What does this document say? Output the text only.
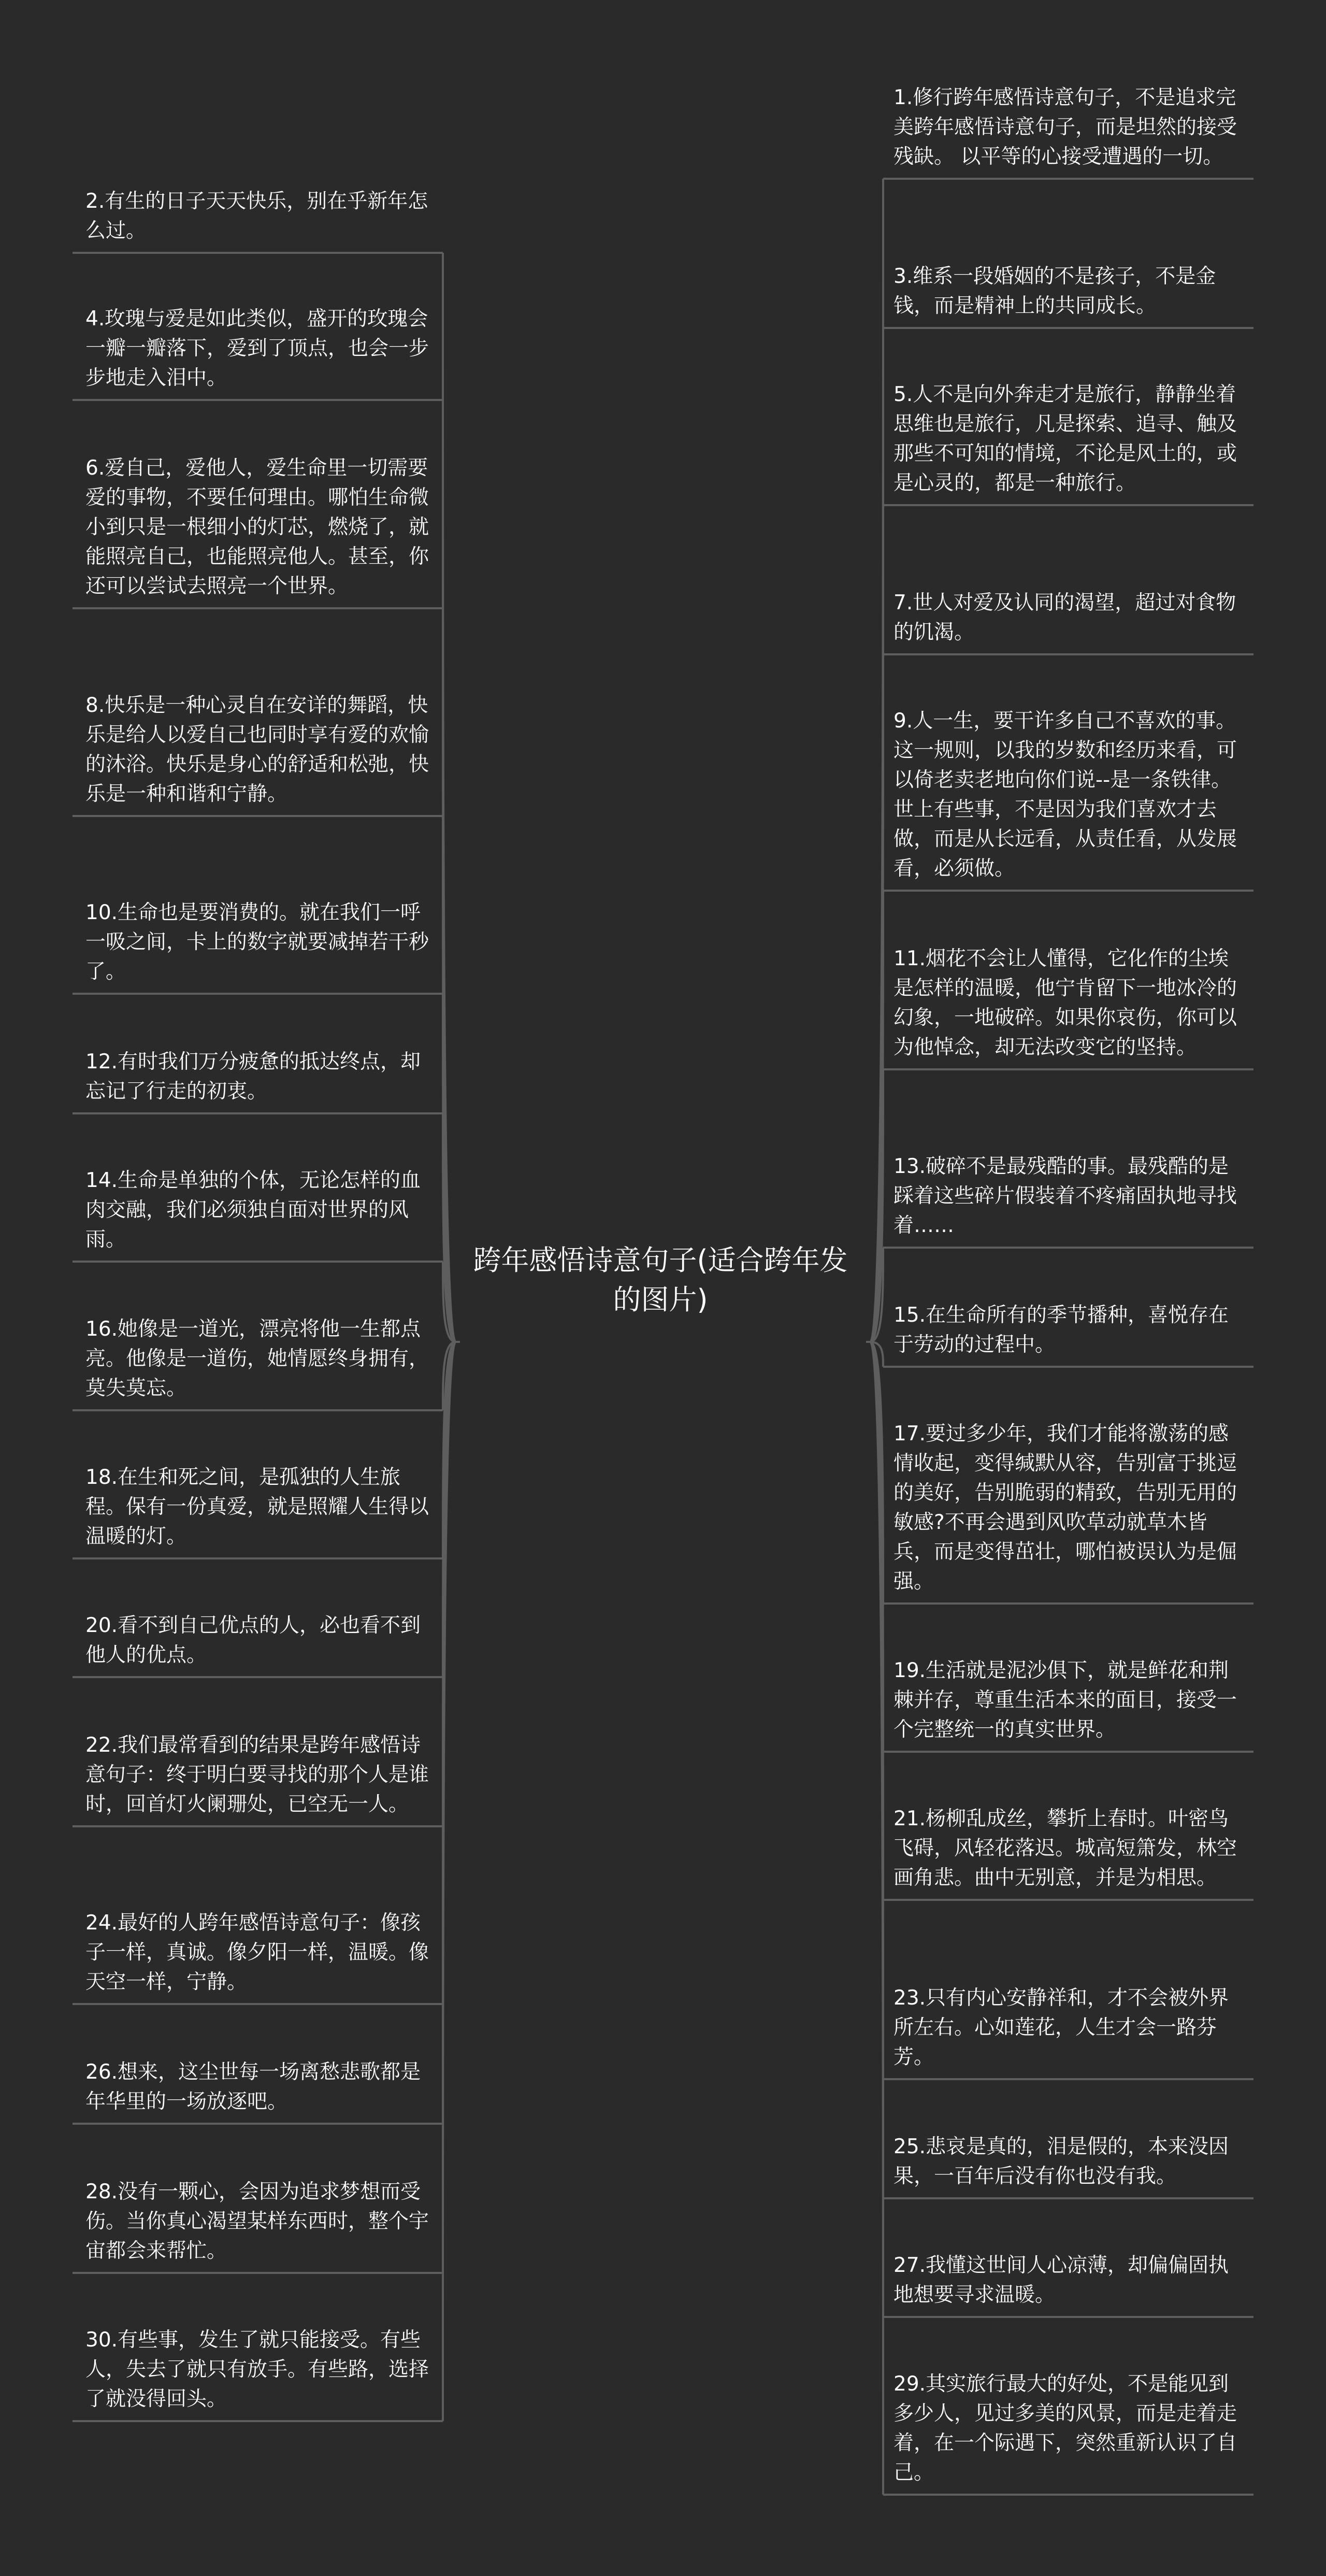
跨年感悟诗意句子(适合跨年发的图片)
2.有生的日子天天快乐，别在乎新年怎么过。
4.玫瑰与爱是如此类似，盛开的玫瑰会一瓣一瓣落下，爱到了顶点，也会一步步地走入泪中。
6.爱自己，爱他人，爱生命里一切需要爱的事物，不要任何理由。哪怕生命微小到只是一根细小的灯芯，燃烧了，就能照亮自己，也能照亮他人。甚至，你还可以尝试去照亮一个世界。
8.快乐是一种心灵自在安详的舞蹈，快乐是给人以爱自己也同时享有爱的欢愉的沐浴。快乐是身心的舒适和松弛，快乐是一种和谐和宁静。
10.生命也是要消费的。就在我们一呼一吸之间，卡上的数字就要减掉若干秒了。
12.有时我们万分疲惫的抵达终点，却忘记了行走的初衷。
14.生命是单独的个体，无论怎样的血肉交融，我们必须独自面对世界的风雨。
16.她像是一道光，漂亮将他一生都点亮。他像是一道伤，她情愿终身拥有，莫失莫忘。
18.在生和死之间，是孤独的人生旅程。保有一份真爱，就是照耀人生得以温暖的灯。
20.看不到自己优点的人，必也看不到他人的优点。
22.我们最常看到的结果是跨年感悟诗意句子：终于明白要寻找的那个人是谁时，回首灯火阑珊处，已空无一人。
24.最好的人跨年感悟诗意句子：像孩子一样，真诚。像夕阳一样，温暖。像天空一样，宁静。
26.想来，这尘世每一场离愁悲歌都是年华里的一场放逐吧。
28.没有一颗心，会因为追求梦想而受伤。当你真心渴望某样东西时，整个宇宙都会来帮忙。
30.有些事，发生了就只能接受。有些人，失去了就只有放手。有些路，选择了就没得回头。
1.修行跨年感悟诗意句子，不是追求完美跨年感悟诗意句子，而是坦然的接受残缺。 以平等的心接受遭遇的一切。
3.维系一段婚姻的不是孩子，不是金钱，而是精神上的共同成长。
5.人不是向外奔走才是旅行，静静坐着思维也是旅行，凡是探索、追寻、触及那些不可知的情境，不论是风土的，或是心灵的，都是一种旅行。
7.世人对爱及认同的渴望，超过对食物的饥渴。
9.人一生，要干许多自己不喜欢的事。这一规则，以我的岁数和经历来看，可以倚老卖老地向你们说--是一条铁律。世上有些事，不是因为我们喜欢才去做，而是从长远看，从责任看，从发展看，必须做。
11.烟花不会让人懂得，它化作的尘埃是怎样的温暖，他宁肯留下一地冰冷的幻象，一地破碎。如果你哀伤，你可以为他悼念，却无法改变它的坚持。
13.破碎不是最残酷的事。最残酷的是踩着这些碎片假装着不疼痛固执地寻找着……
15.在生命所有的季节播种，喜悦存在于劳动的过程中。
17.要过多少年，我们才能将激荡的感情收起，变得缄默从容，告别富于挑逗的美好，告别脆弱的精致，告别无用的敏感?不再会遇到风吹草动就草木皆兵，而是变得茁壮，哪怕被误认为是倔强。
19.生活就是泥沙俱下，就是鲜花和荆棘并存，尊重生活本来的面目，接受一个完整统一的真实世界。
21.杨柳乱成丝，攀折上春时。叶密鸟飞碍，风轻花落迟。城高短箫发，林空画角悲。曲中无别意，并是为相思。
23.只有内心安静祥和，才不会被外界所左右。心如莲花，人生才会一路芬芳。
25.悲哀是真的，泪是假的，本来没因果，一百年后没有你也没有我。
27.我懂这世间人心凉薄，却偏偏固执地想要寻求温暖。
29.其实旅行最大的好处，不是能见到多少人，见过多美的风景，而是走着走着，在一个际遇下，突然重新认识了自己。
